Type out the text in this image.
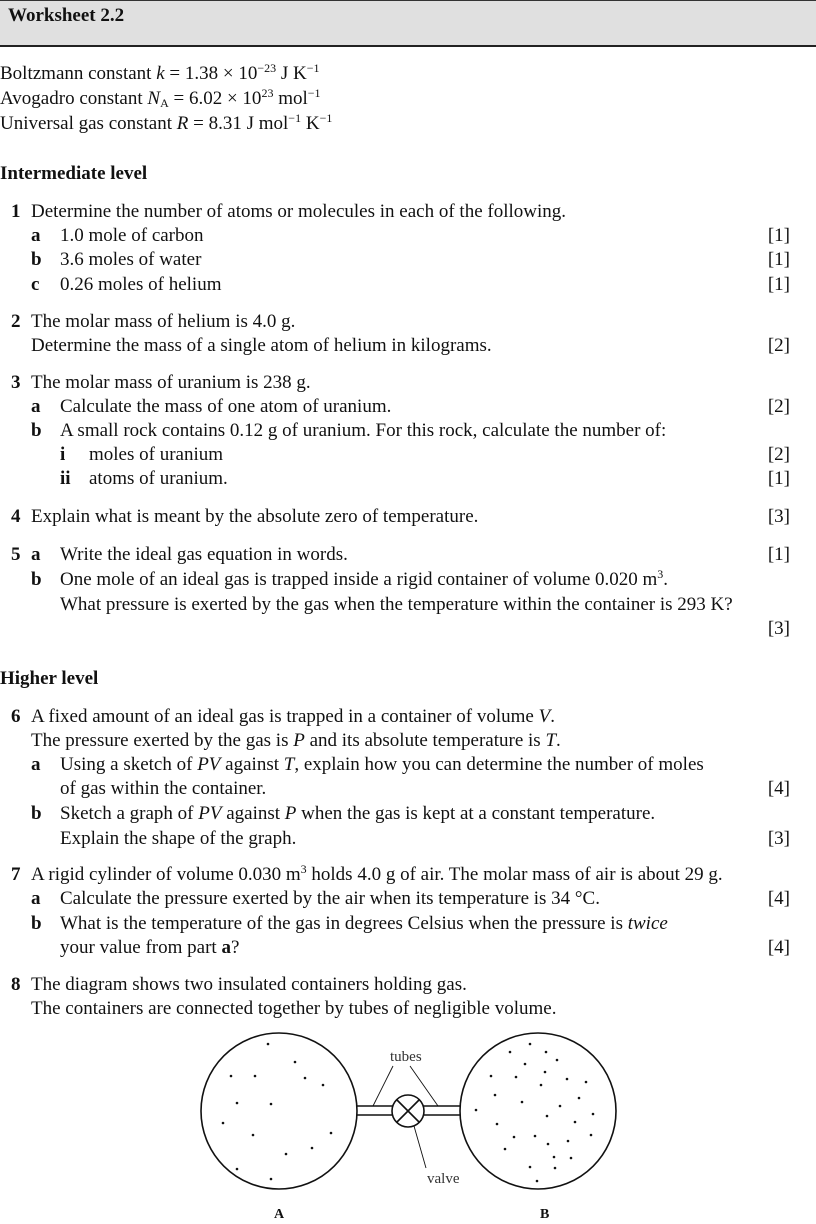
Worksheet 2.2
Boltzmann constant $k = 1.38 \times 10^{-23}$ J $K^{-1}$
Avogadro constant $N_A = 6.02 \times 10^{23}$ mol$^{-1}$
Universal gas constant R = 8.31 J mol$^{-1}$ $K^{-1}$
Intermediate level
1 Determine the number of atoms or molecules in each of the following.
a 1.0 mole of carbon	[1]
b 3.6 moles of water	[1]
c 0.26 moles of helium	[1]
2 The molar mass of helium is 4.0 g.
Determine the mass of a single atom of helium in kilograms.	[2]
3 The molar mass of uranium is 238 g.
a Calculate the mass of one atom of uranium.	[2]
b A small rock contains 0.12 g of uranium. For this rock, calculate the number of:
i moles of uranium	[2]
ii atoms of uranium.	[1]
4 Explain what is meant by the absolute zero of temperature.	[3]
5 a Write the ideal gas equation in words.	[1]
b One mole of an ideal gas is trapped inside a rigid container of volume 0.020 $m^3$.
What pressure is exerted by the gas when the temperature within the container is 293 K?
[3]
Higher level
6 A fixed amount of an ideal gas is trapped in a container of volume V.
The pressure exerted by the gas is P and its absolute temperature is T.
a Using a sketch of PV against T, explain how you can determine the number of moles
of gas within the container.	[4]
b Sketch a graph of PV against P when the gas is kept at a constant temperature.
Explain the shape of the graph.	[3]
7 A rigid cylinder of volume 0.030 $m^3$ holds 4.0 g of air. The molar mass of air is about 29 g.
a Calculate the pressure exerted by the air when its temperature is 34 °C.	[4]
b What is the temperature of the gas in degrees Celsius when the pressure is twice
your value from part a?	[4]
8 The diagram shows two insulated containers holding gas.
The containers are connected together by tubes of negligible volume.
tubes
valve
A	B
